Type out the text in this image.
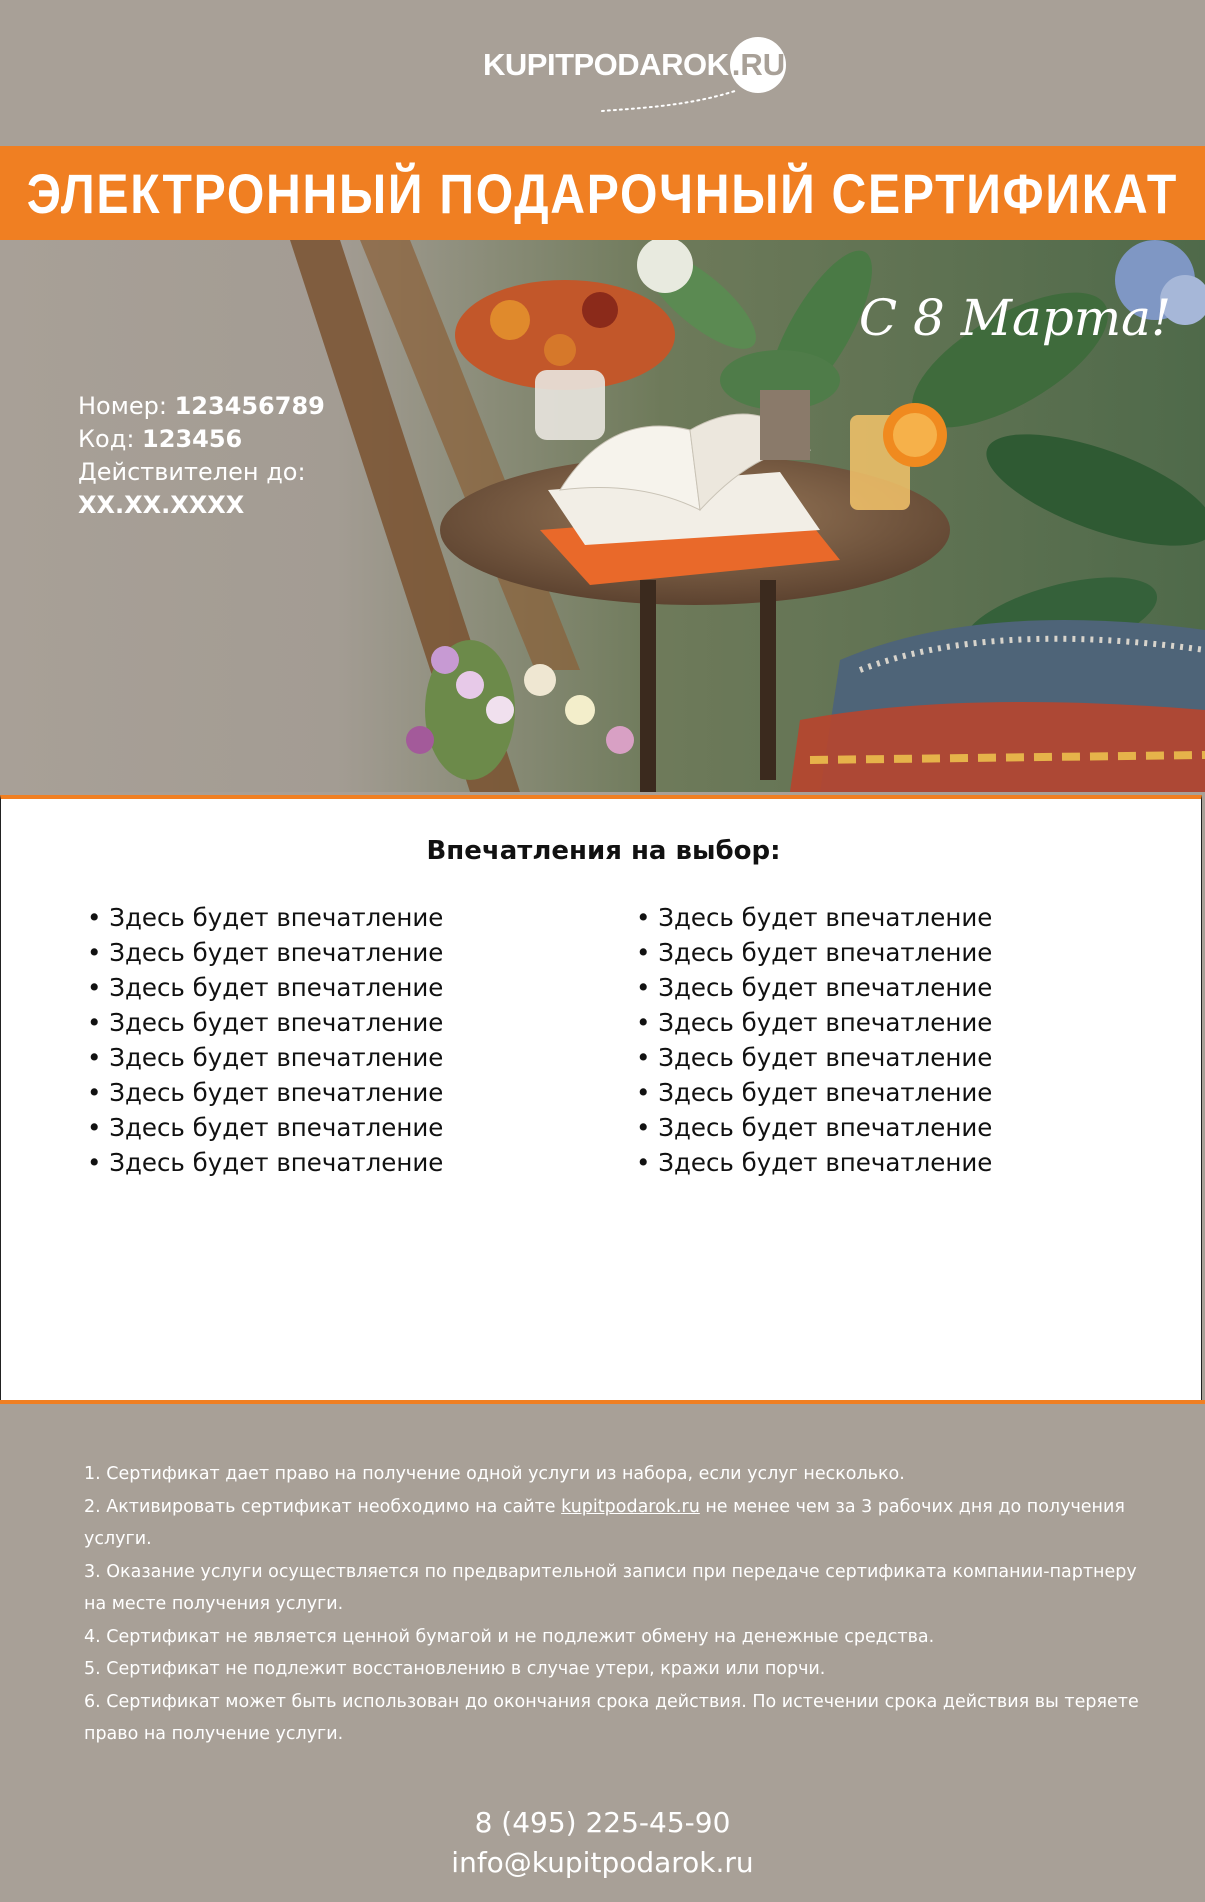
KUPITPODAROK .RU
ЭЛЕКТРОННЫЙ ПОДАРОЧНЫЙ СЕРТИФИКАТ
С 8 Марта!
Номер: 123456789
Код: 123456
Действителен до:
XX.XX.XXXX
Впечатления на выбор:
• Здесь будет впечатление
• Здесь будет впечатление
• Здесь будет впечатление
• Здесь будет впечатление
• Здесь будет впечатление
• Здесь будет впечатление
• Здесь будет впечатление
• Здесь будет впечатление
• Здесь будет впечатление
• Здесь будет впечатление
• Здесь будет впечатление
• Здесь будет впечатление
• Здесь будет впечатление
• Здесь будет впечатление
• Здесь будет впечатление
• Здесь будет впечатление
1. Сертификат дает право на получение одной услуги из набора, если услуг несколько.
2. Активировать сертификат необходимо на сайте kupitpodarok.ru не менее чем за 3 рабочих дня до получения услуги.
3. Оказание услуги осуществляется по предварительной записи при передаче сертификата компании-партнеру на месте получения услуги.
4. Сертификат не является ценной бумагой и не подлежит обмену на денежные средства.
5. Сертификат не подлежит восстановлению в случае утери, кражи или порчи.
6. Сертификат может быть использован до окончания срока действия. По истечении срока действия вы теряете право на получение услуги.
8 (495) 225-45-90
info@kupitpodarok.ru
